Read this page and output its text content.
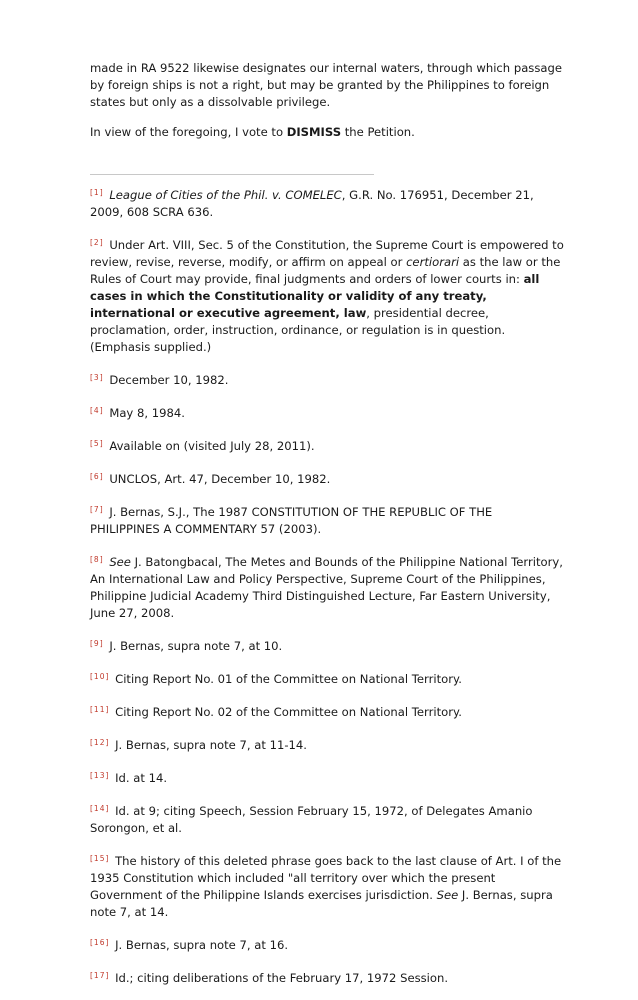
made in RA 9522 likewise designates our internal waters, through which passage by foreign ships is not a right, but may be granted by the Philippines to foreign states but only as a dissolvable privilege.

In view of the foregoing, I vote to DISMISS the Petition.

[1] League of Cities of the Phil. v. COMELEC, G.R. No. 176951, December 21, 2009, 608 SCRA 636.

[2] Under Art. VIII, Sec. 5 of the Constitution, the Supreme Court is empowered to review, revise, reverse, modify, or affirm on appeal or certiorari as the law or the Rules of Court may provide, final judgments and orders of lower courts in: all cases in which the Constitutionality or validity of any treaty, international or executive agreement, law, presidential decree, proclamation, order, instruction, ordinance, or regulation is in question. (Emphasis supplied.)

[3] December 10, 1982.

[4] May 8, 1984.

[5] Available on (visited July 28, 2011).

[6] UNCLOS, Art. 47, December 10, 1982.

[7] J. Bernas, S.J., The 1987 CONSTITUTION OF THE REPUBLIC OF THE PHILIPPINES A COMMENTARY 57 (2003).

[8] See J. Batongbacal, The Metes and Bounds of the Philippine National Territory, An International Law and Policy Perspective, Supreme Court of the Philippines, Philippine Judicial Academy Third Distinguished Lecture, Far Eastern University, June 27, 2008.

[9] J. Bernas, supra note 7, at 10.

[10] Citing Report No. 01 of the Committee on National Territory.

[11] Citing Report No. 02 of the Committee on National Territory.

[12] J. Bernas, supra note 7, at 11-14.

[13] Id. at 14.

[14] Id. at 9; citing Speech, Session February 15, 1972, of Delegates Amanio Sorongon, et al.

[15] The history of this deleted phrase goes back to the last clause of Art. I of the 1935 Constitution which included "all territory over which the present Government of the Philippine Islands exercises jurisdiction. See J. Bernas, supra note 7, at 14.

[16] J. Bernas, supra note 7, at 16.

[17] Id.; citing deliberations of the February 17, 1972 Session.
